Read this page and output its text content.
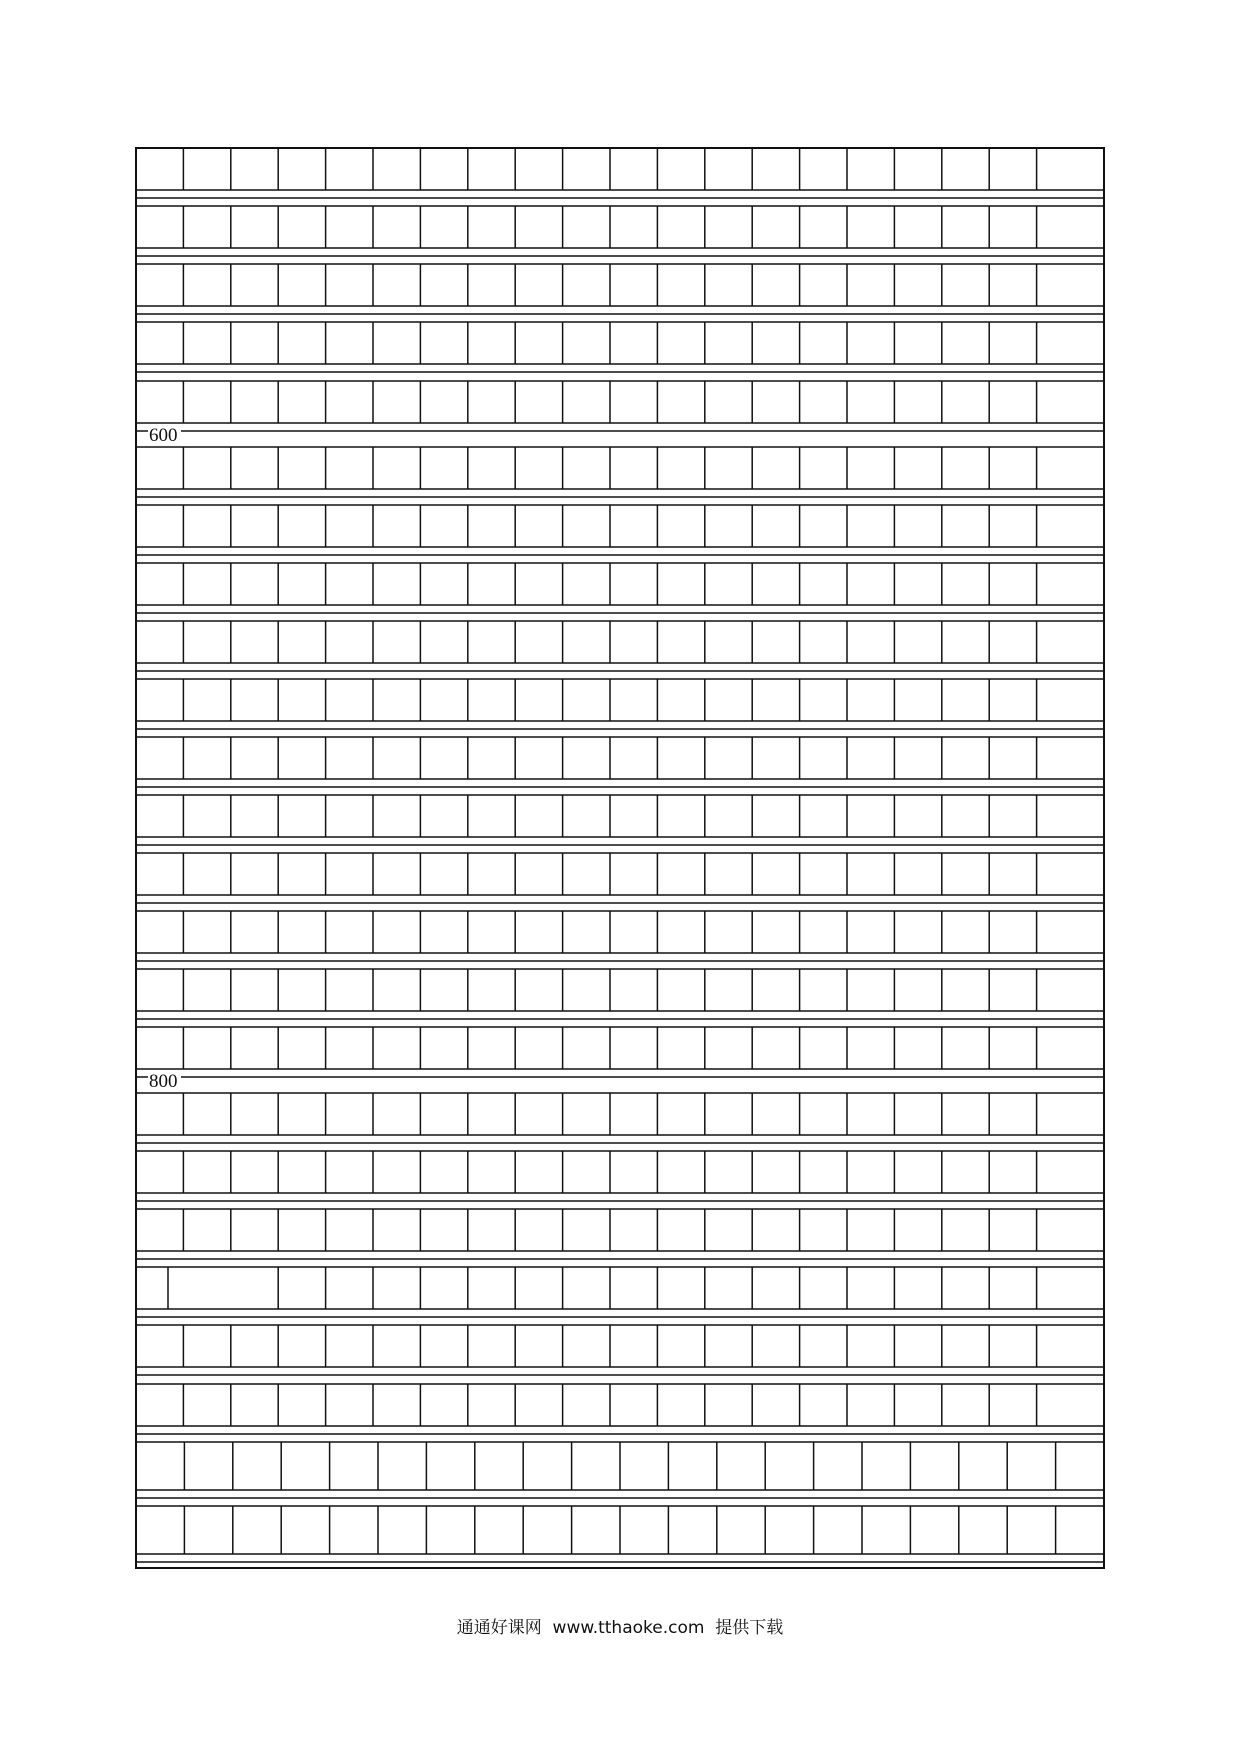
600
800
通通好课网 www.tthaoke.com 提供下载
